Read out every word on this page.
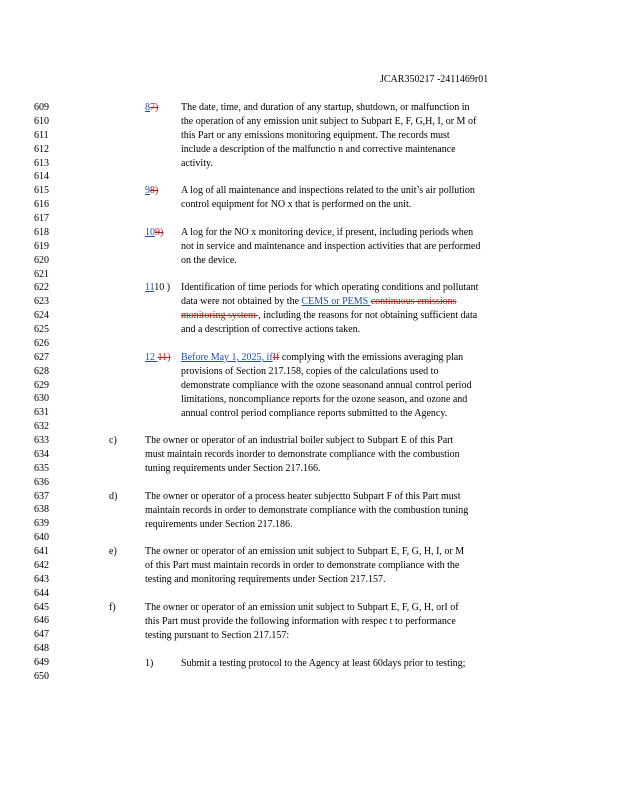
JCAR350217 -2411469r01
609
610
611
612
613
614
615
616
617
618
619
620
621
622
623
624
625
626
627
628
629
630
631
632
633
634
635
636
637
638
639
640
641
642
643
644
645
646
647
648
649
650
87) The date, time, and duration of any startup, shutdown, or malfunction in
the operation of any emission unit subject to Subpart E, F, G,H, I, or M of
this Part or any emissions monitoring equipment. The records must
include a description of the malfunctio n and corrective maintenance
activity.
98) A log of all maintenance and inspections related to the unit’s air pollution
control equipment for NO x that is performed on the unit.
109) A log for the NO x monitoring device, if present, including periods when
not in service and maintenance and inspection activities that are performed
on the device.
1110 ) Identification of time periods for which operating conditions and pollutant
data were not obtained by the CEMS or PEMS continuous emissions
monitoring system , including the reasons for not obtaining sufficient data
and a description of corrective actions taken.
12 11) Before May 1, 2025, ifIf complying with the emissions averaging plan
provisions of Section 217.158, copies of the calculations used to
demonstrate compliance with the ozone seasonand annual control period
limitations, noncompliance reports for the ozone season, and ozone and
annual control period compliance reports submitted to the Agency.
c)	The owner or operator of an industrial boiler subject to Subpart E of this Part
must maintain records inorder to demonstrate compliance with the combustion
tuning requirements under Section 217.166.
d)	The owner or operator of a process heater subjectto Subpart F of this Part must
maintain records in order to demonstrate compliance with the combustion tuning
requirements under Section 217.186.
e)	The owner or operator of an emission unit subject to Subpart E, F, G, H, I, or M
of this Part must maintain records in order to demonstrate compliance with the
testing and monitoring requirements under Section 217.157.
f)	The owner or operator of an emission unit subject to Subpart E, F, G, H, orI of
this Part must provide the following information with respec t to performance
testing pursuant to Section 217.157:
1)	Submit a testing protocol to the Agency at least 60days prior to testing;
